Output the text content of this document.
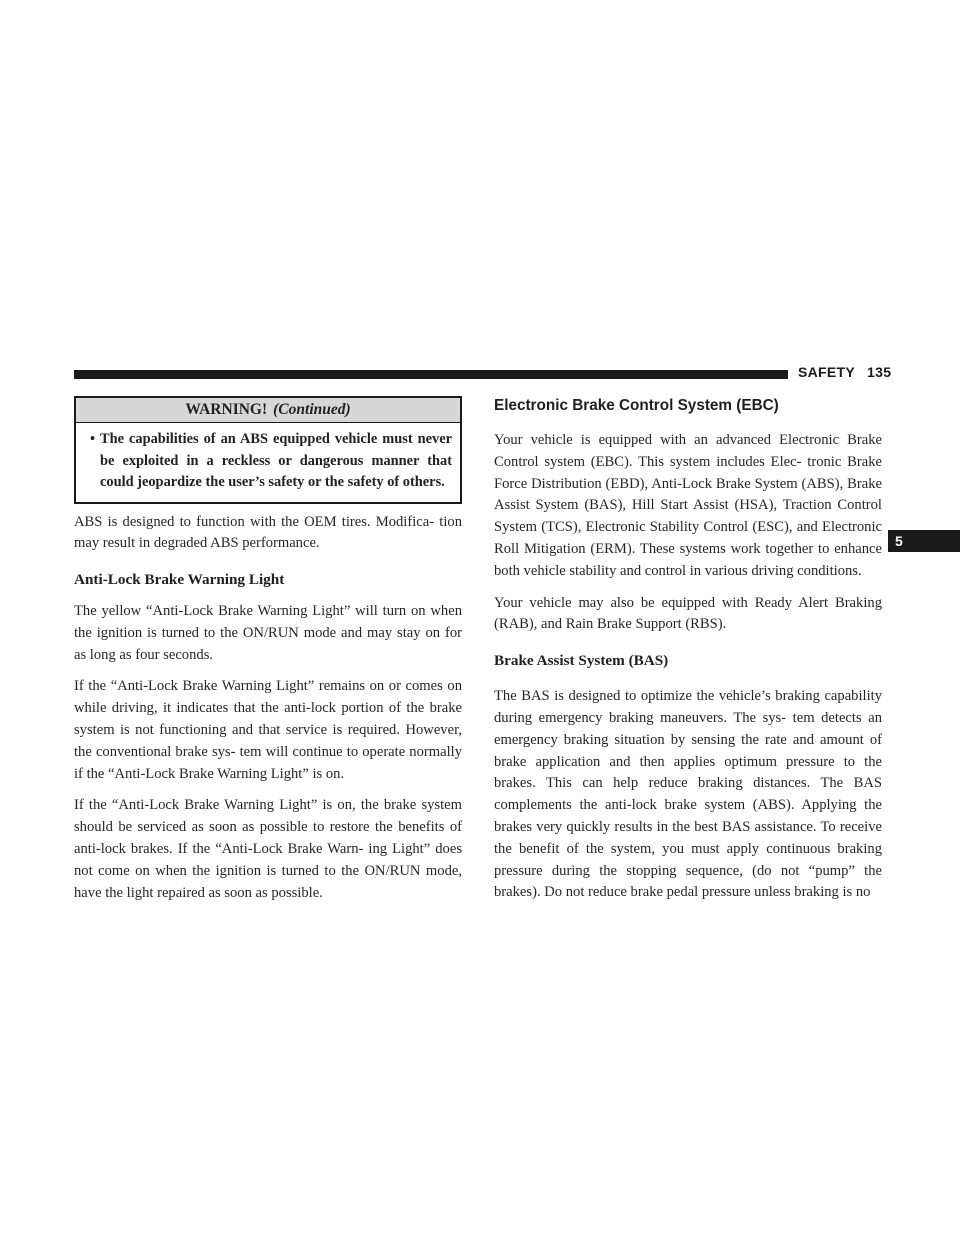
SAFETY 135
5
WARNING! (Continued)
• The capabilities of an ABS equipped vehicle must never be exploited in a reckless or dangerous manner that could jeopardize the user’s safety or the safety of others.

ABS is designed to function with the OEM tires. Modifica- tion may result in degraded ABS performance.

Anti-Lock Brake Warning Light

The yellow “Anti-Lock Brake Warning Light” will turn on when the ignition is turned to the ON/RUN mode and may stay on for as long as four seconds.

If the “Anti-Lock Brake Warning Light” remains on or comes on while driving, it indicates that the anti-lock portion of the brake system is not functioning and that service is required. However, the conventional brake sys- tem will continue to operate normally if the “Anti-Lock Brake Warning Light” is on.

If the “Anti-Lock Brake Warning Light” is on, the brake system should be serviced as soon as possible to restore the benefits of anti-lock brakes. If the “Anti-Lock Brake Warn- ing Light” does not come on when the ignition is turned to the ON/RUN mode, have the light repaired as soon as possible.

Electronic Brake Control System (EBC)

Your vehicle is equipped with an advanced Electronic Brake Control system (EBC). This system includes Elec- tronic Brake Force Distribution (EBD), Anti-Lock Brake System (ABS), Brake Assist System (BAS), Hill Start Assist (HSA), Traction Control System (TCS), Electronic Stability Control (ESC), and Electronic Roll Mitigation (ERM). These systems work together to enhance both vehicle stability and control in various driving conditions.

Your vehicle may also be equipped with Ready Alert Braking (RAB), and Rain Brake Support (RBS).

Brake Assist System (BAS)

The BAS is designed to optimize the vehicle’s braking capability during emergency braking maneuvers. The sys- tem detects an emergency braking situation by sensing the rate and amount of brake application and then applies optimum pressure to the brakes. This can help reduce braking distances. The BAS complements the anti-lock brake system (ABS). Applying the brakes very quickly results in the best BAS assistance. To receive the benefit of the system, you must apply continuous braking pressure during the stopping sequence, (do not “pump” the brakes). Do not reduce brake pedal pressure unless braking is no
